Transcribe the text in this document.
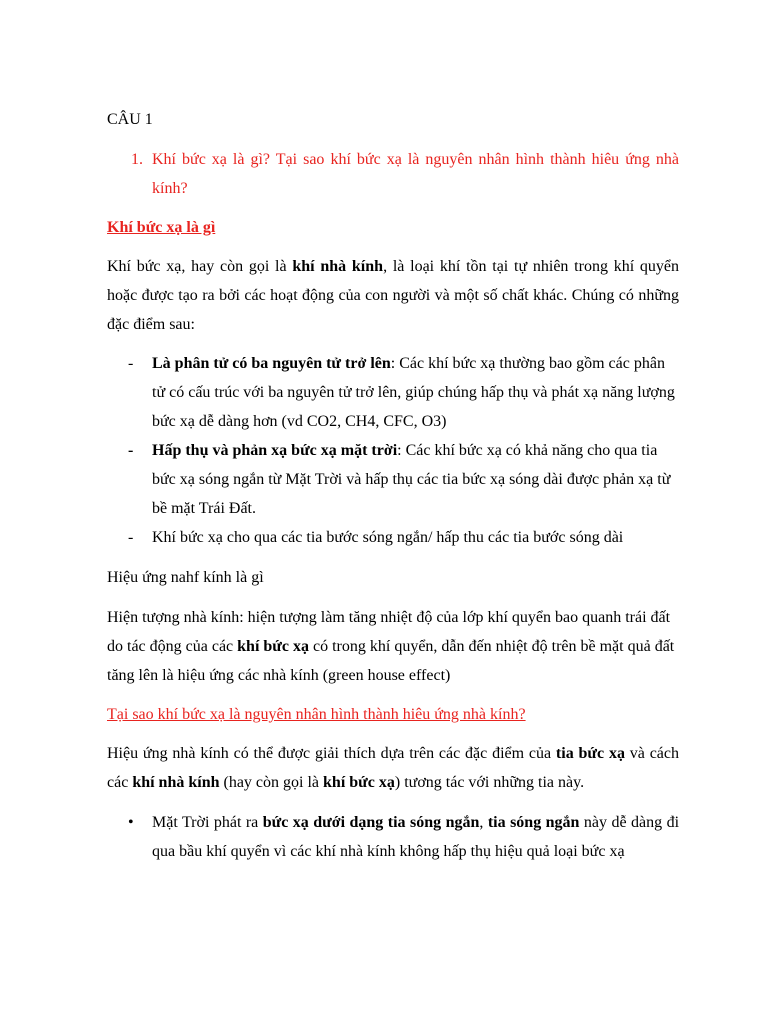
CÂU 1

1. Khí bức xạ là gì? Tại sao khí bức xạ là nguyên nhân hình thành hiêu ứng nhà kính?

Khí bức xạ là gì

Khí bức xạ, hay còn gọi là khí nhà kính, là loại khí tồn tại tự nhiên trong khí quyển hoặc được tạo ra bởi các hoạt động của con người và một số chất khác. Chúng có những đặc điểm sau:

- Là phân tử có ba nguyên tử trở lên: Các khí bức xạ thường bao gồm các phân tử có cấu trúc với ba nguyên tử trở lên, giúp chúng hấp thụ và phát xạ năng lượng bức xạ dễ dàng hơn (vd CO2, CH4, CFC, O3)
- Hấp thụ và phản xạ bức xạ mặt trời: Các khí bức xạ có khả năng cho qua tia bức xạ sóng ngắn từ Mặt Trời và hấp thụ các tia bức xạ sóng dài được phản xạ từ bề mặt Trái Đất.
- Khí bức xạ cho qua các tia bước sóng ngắn/ hấp thu các tia bước sóng dài

Hiệu ứng nahf kính là gì

Hiện tượng nhà kính: hiện tượng làm tăng nhiệt độ của lớp khí quyển bao quanh trái đất do tác động của các khí bức xạ có trong khí quyển, dẫn đến nhiệt độ trên bề mặt quả đất tăng lên là hiệu ứng các nhà kính (green house effect)

Tại sao khí bức xạ là nguyên nhân hình thành hiêu ứng nhà kính?

Hiệu ứng nhà kính có thể được giải thích dựa trên các đặc điểm của tia bức xạ và cách các khí nhà kính (hay còn gọi là khí bức xạ) tương tác với những tia này.

• Mặt Trời phát ra bức xạ dưới dạng tia sóng ngắn, tia sóng ngắn này dễ dàng đi qua bầu khí quyển vì các khí nhà kính không hấp thụ hiệu quả loại bức xạ
